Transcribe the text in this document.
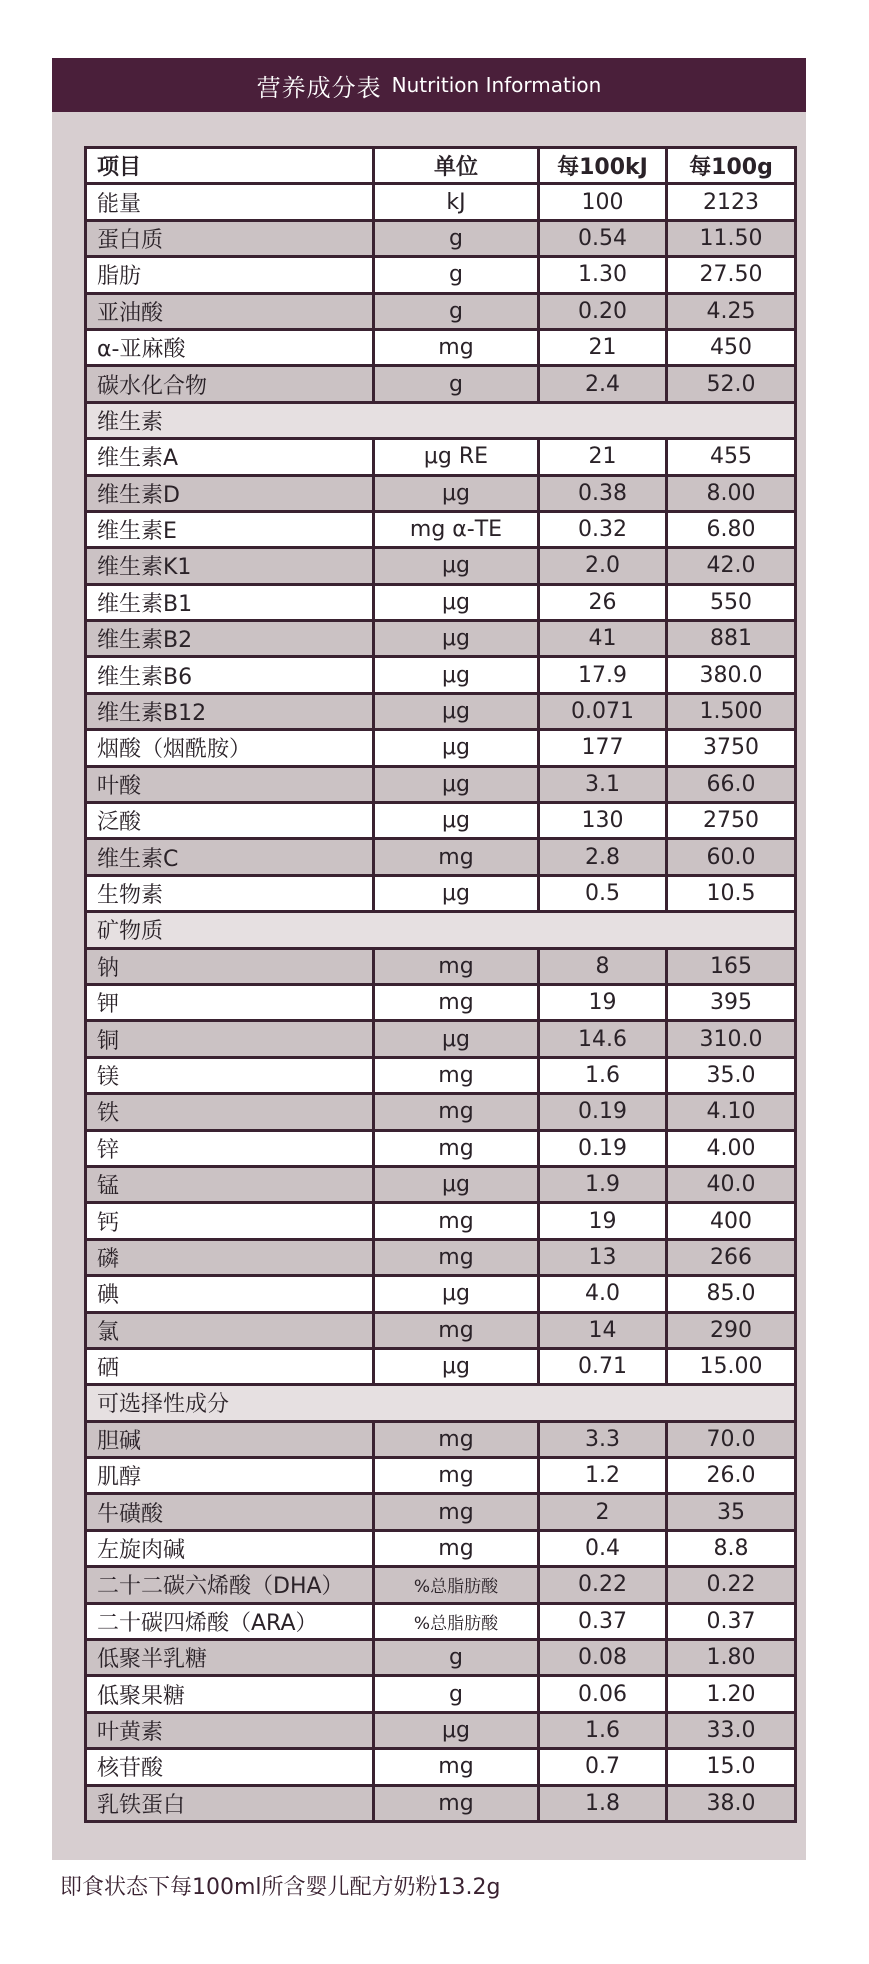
营养成分表 Nutrition Information
项目	单位	每100kJ	每100g
能量	kJ	100	2123
蛋白质	g	0.54	11.50
脂肪	g	1.30	27.50
亚油酸	g	0.20	4.25
α-亚麻酸	mg	21	450
碳水化合物	g	2.4	52.0
维生素
维生素A	μg RE	21	455
维生素D	μg	0.38	8.00
维生素E	mg α-TE	0.32	6.80
维生素K1	μg	2.0	42.0
维生素B1	μg	26	550
维生素B2	μg	41	881
维生素B6	μg	17.9	380.0
维生素B12	μg	0.071	1.500
烟酸（烟酰胺）	μg	177	3750
叶酸	μg	3.1	66.0
泛酸	μg	130	2750
维生素C	mg	2.8	60.0
生物素	μg	0.5	10.5
矿物质
钠	mg	8	165
钾	mg	19	395
铜	μg	14.6	310.0
镁	mg	1.6	35.0
铁	mg	0.19	4.10
锌	mg	0.19	4.00
锰	μg	1.9	40.0
钙	mg	19	400
磷	mg	13	266
碘	μg	4.0	85.0
氯	mg	14	290
硒	μg	0.71	15.00
可选择性成分
胆碱	mg	3.3	70.0
肌醇	mg	1.2	26.0
牛磺酸	mg	2	35
左旋肉碱	mg	0.4	8.8
二十二碳六烯酸（DHA）	%总脂肪酸	0.22	0.22
二十碳四烯酸（ARA）	%总脂肪酸	0.37	0.37
低聚半乳糖	g	0.08	1.80
低聚果糖	g	0.06	1.20
叶黄素	μg	1.6	33.0
核苷酸	mg	0.7	15.0
乳铁蛋白	mg	1.8	38.0
即食状态下每100ml所含婴儿配方奶粉13.2g
